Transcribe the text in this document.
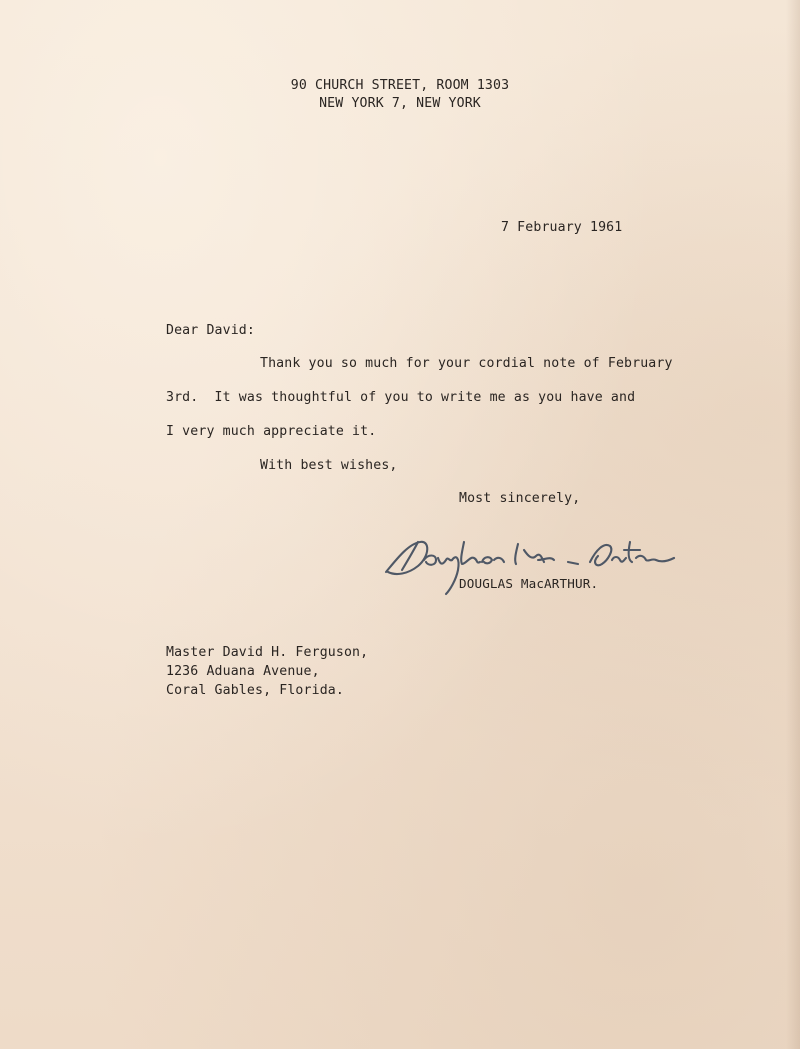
90 CHURCH STREET, ROOM 1303
NEW YORK 7, NEW YORK
7 February 1961
Dear David:
Thank you so much for your cordial note of February
3rd.  It was thoughtful of you to write me as you have and
I very much appreciate it.
With best wishes,
Most sincerely,
DOUGLAS MacARTHUR.
Master David H. Ferguson,
1236 Aduana Avenue,
Coral Gables, Florida.
